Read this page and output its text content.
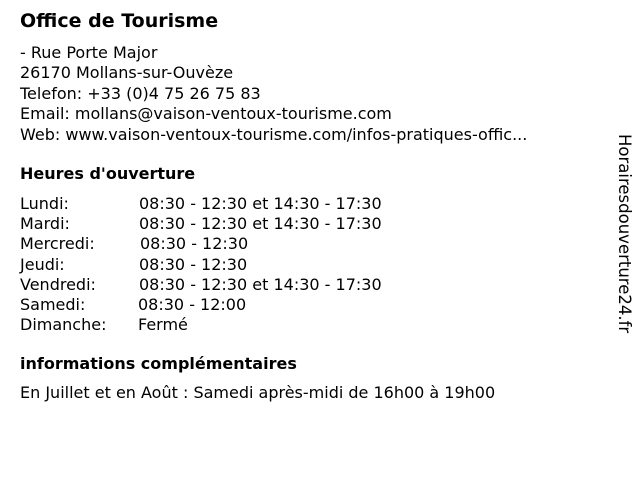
Office de Tourisme
- Rue Porte Major
26170 Mollans-sur-Ouvèze
Telefon: +33 (0)4 75 26 75 83
Email: mollans@vaison-ventoux-tourisme.com
Web: www.vaison-ventoux-tourisme.com/infos-pratiques-offic...
Heures d'ouverture
Lundi:	08:30 - 12:30 et 14:30 - 17:30
Mardi:	08:30 - 12:30 et 14:30 - 17:30
Mercredi:	08:30 - 12:30
Jeudi:	08:30 - 12:30
Vendredi:	08:30 - 12:30 et 14:30 - 17:30
Samedi:	08:30 - 12:00
Dimanche: Fermé
informations complémentaires
En Juillet et en Août : Samedi après-midi de 16h00 à 19h00
Horairesdouverture24.fr
